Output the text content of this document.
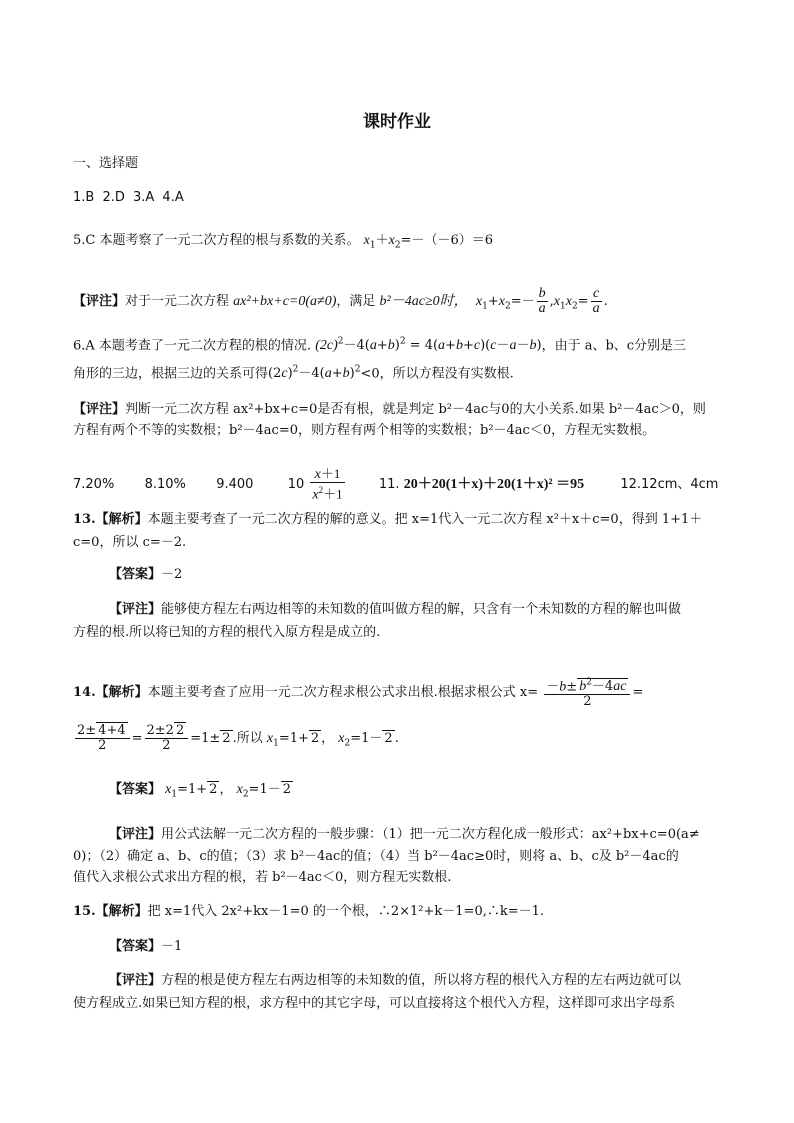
课时作业
一、选择题
1.B 2.D 3.A 4.A
5.C 本题考察了一元二次方程的根与系数的关系。 $x_1+x_2=-(-6)=6$
【评注】对于一元二次方程 ax²+bx+c=0(a≠0)，满足 b²－4ac≥0时， $x_1+x_2=- \frac{b}{a} ,x_1x_2= \frac{c}{a}$ .
6.A 本题考查了一元二次方程的根的情况. $(2c)^2-4(a+b)^2 = 4(a+b+c)(c-a-b)$，由于 a、b、c分别是三
角形的三边，根据三边的关系可得$(2c)^2-4(a+b)^2<0$，所以方程没有实数根.
【评注】判断一元二次方程 ax²+bx+c=0是否有根，就是判定 b²－4ac与0的大小关系.如果 b²－4ac＞0，则
方程有两个不等的实数根；b²－4ac=0，则方程有两个相等的实数根；b²－4ac＜0，方程无实数根。
7.20% 8.10% 9.400	$10 \frac{x+1}{x^2+1}$	11. 20＋20(1＋x)＋20(1＋x)² ＝95	12.12cm、4cm
13.【解析】本题主要考查了一元二次方程的解的意义。把 x=1代入一元二次方程 x²＋x＋c=0，得到 1+1＋
c=0，所以 c=－2.
【答案】－2
【评注】能够使方程左右两边相等的未知数的值叫做方程的解，只含有一个未知数的方程的解也叫做
方程的根.所以将已知的方程的根代入原方程是成立的.
14.【解析】本题主要考查了应用一元二次方程求根公式求出根.根据求根公式 $x= \frac{-b\pm b^2-4ac}{2}$ =
$\frac{2\pm 4+4}{2} = \frac{2\pm 2 2}{2} =1\pm 2$ .所以 $x_1=1+ 2$ ， $x_2=1- 2$ .
【答案】 $x_1=1+ 2$ ， $x_2=1- 2$
【评注】用公式法解一元二次方程的一般步骤：（1）把一元二次方程化成一般形式：ax²+bx+c=0(a≠
0)；（2）确定 a、b、c的值；（3）求 b²－4ac的值；（4）当 b²－4ac≥0时，则将 a、b、c及 b²－4ac的
值代入求根公式求出方程的根，若 b²－4ac＜0，则方程无实数根.
15.【解析】把 x=1代入 2x²+kx－1=0 的一个根，∴2×1²+k－1=0,∴k=－1.
【答案】－1
【评注】方程的根是使方程左右两边相等的未知数的值，所以将方程的根代入方程的左右两边就可以
使方程成立.如果已知方程的根，求方程中的其它字母，可以直接将这个根代入方程，这样即可求出字母系
